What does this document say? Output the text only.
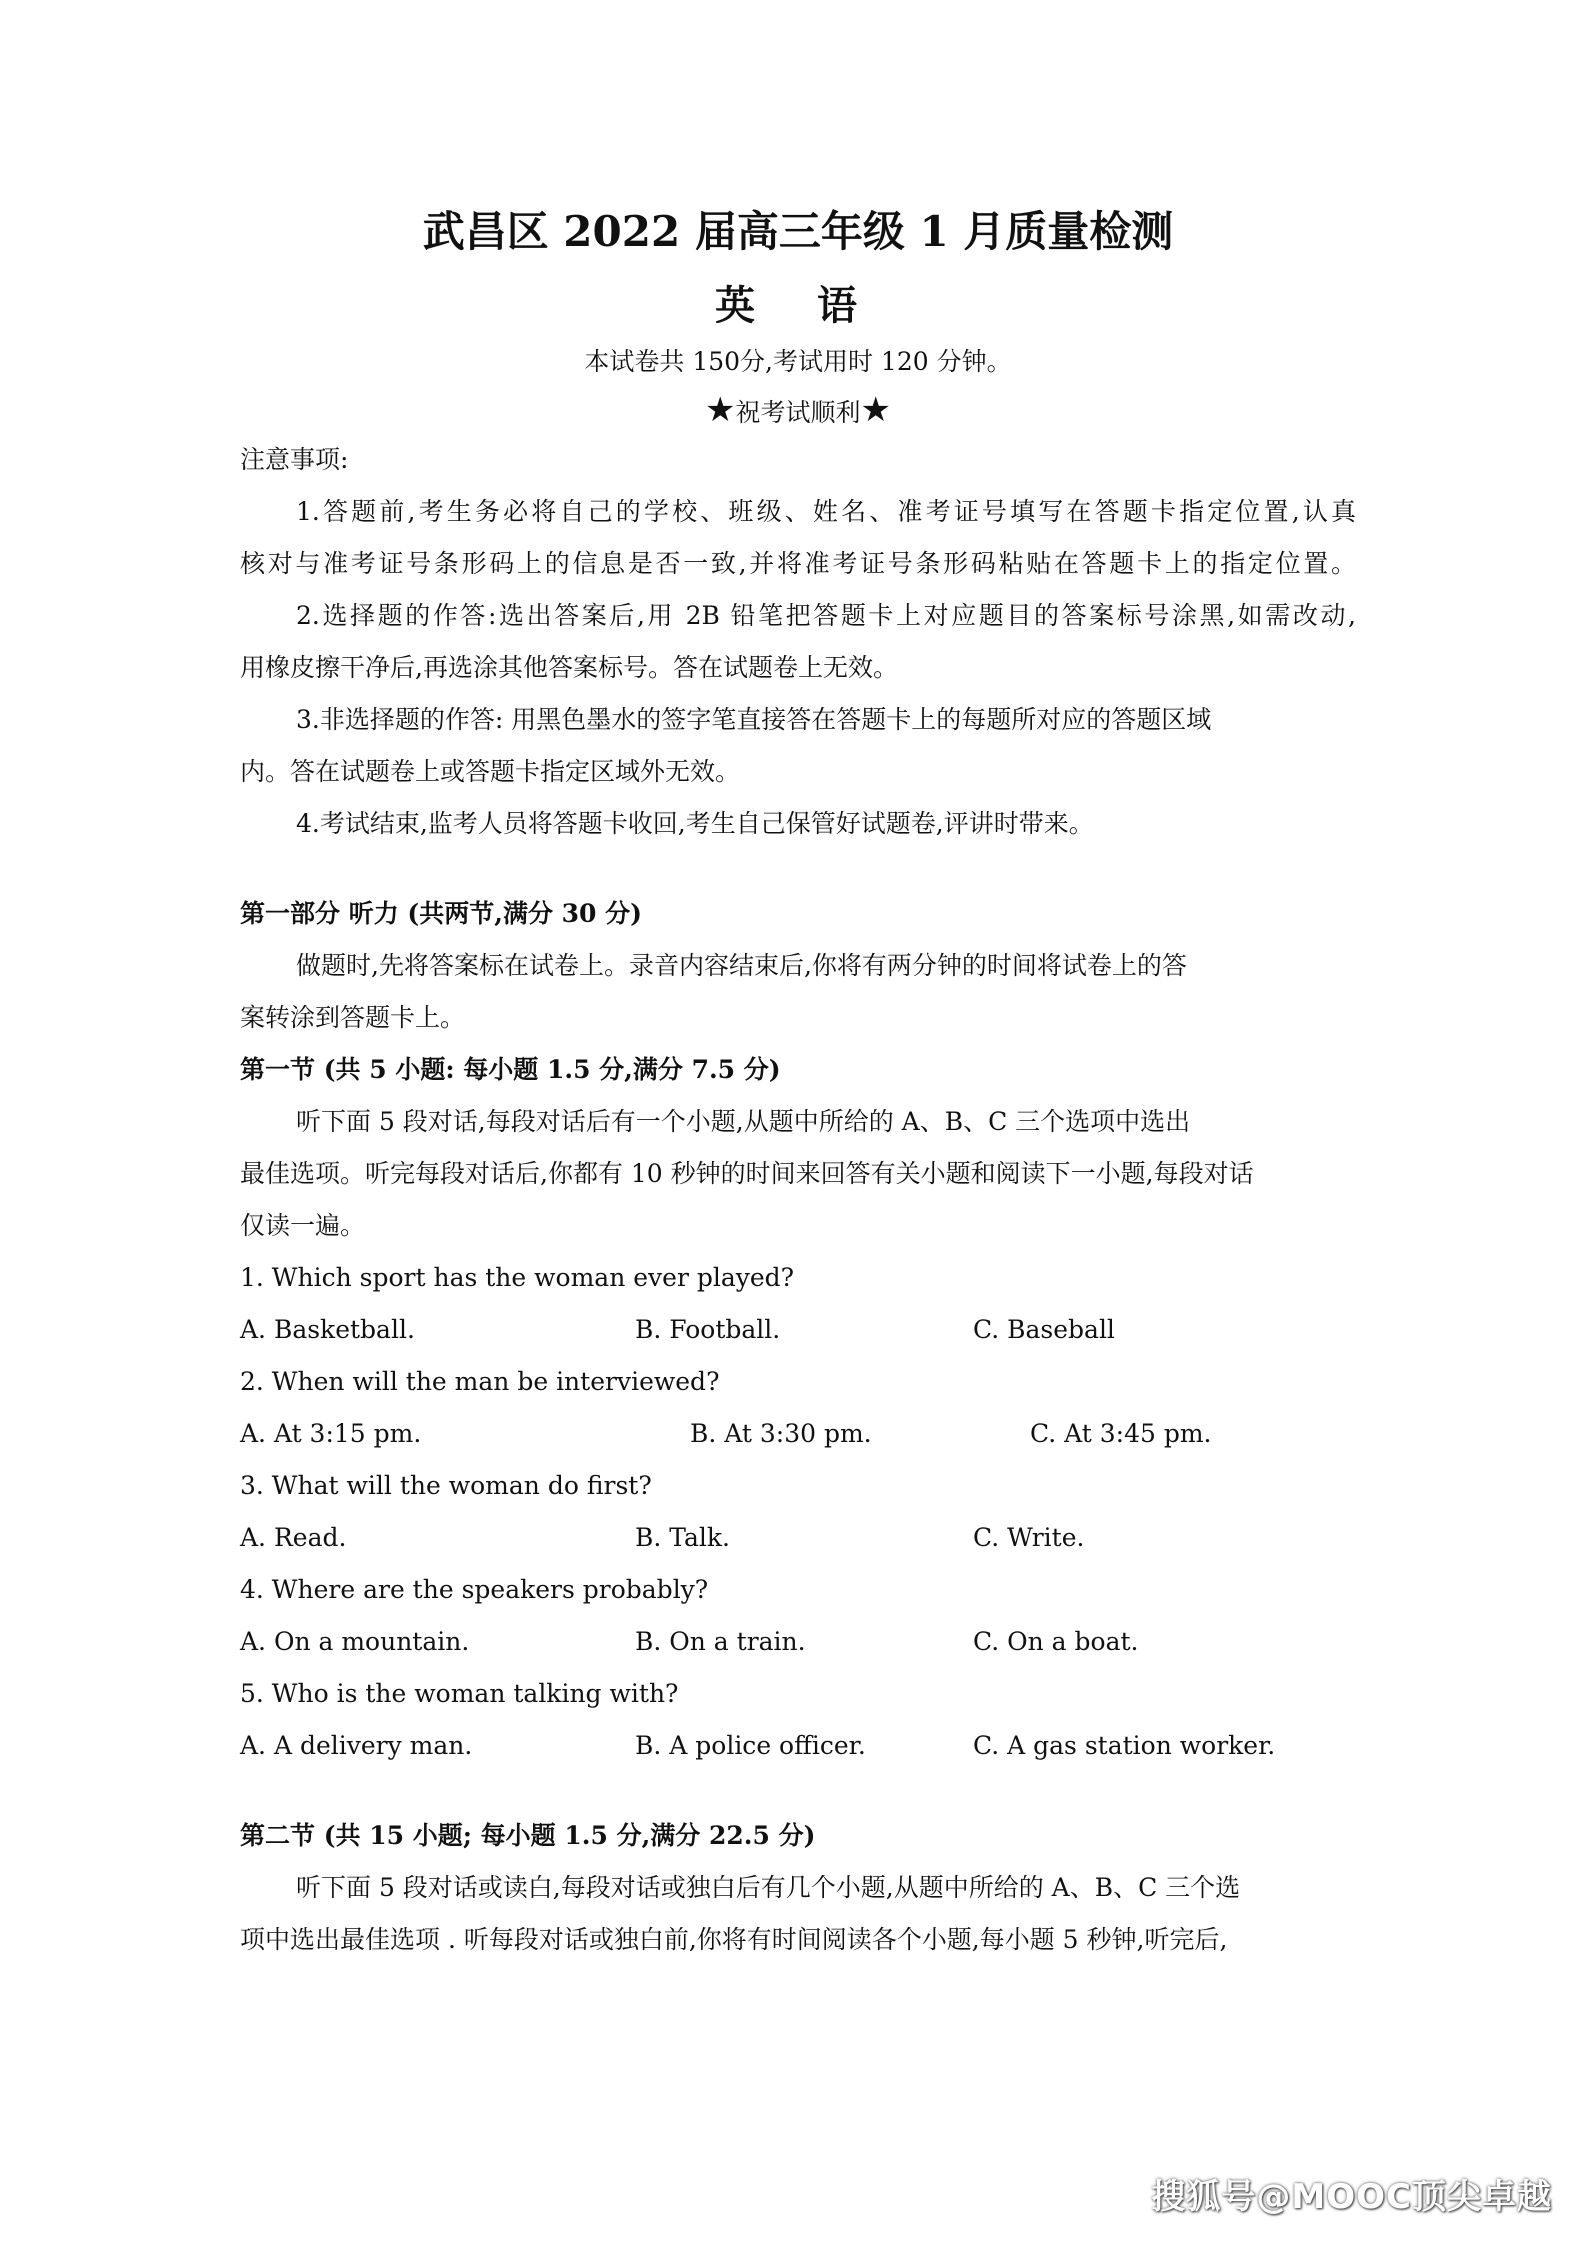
武昌区 2022 届高三年级 1 月质量检测
英 语
本试卷共 150分,考试用时 120 分钟。
★祝考试顺利★
注意事项:
1.答题前,考生务必将自己的学校、班级、姓名、准考证号填写在答题卡指定位置,认真
核对与准考证号条形码上的信息是否一致,并将准考证号条形码粘贴在答题卡上的指定位置。
2.选择题的作答:选出答案后,用 2B 铅笔把答题卡上对应题目的答案标号涂黑,如需改动,
用橡皮擦干净后,再选涂其他答案标号。答在试题卷上无效。
3.非选择题的作答: 用黑色墨水的签字笔直接答在答题卡上的每题所对应的答题区域
内。答在试题卷上或答题卡指定区域外无效。
4.考试结束,监考人员将答题卡收回,考生自己保管好试题卷,评讲时带来。
第一部分 听力 (共两节,满分 30 分)
做题时,先将答案标在试卷上。录音内容结束后,你将有两分钟的时间将试卷上的答
案转涂到答题卡上。
第一节 (共 5 小题: 每小题 1.5 分,满分 7.5 分)
听下面 5 段对话,每段对话后有一个小题,从题中所给的 A、B、C 三个选项中选出
最佳选项。听完每段对话后,你都有 10 秒钟的时间来回答有关小题和阅读下一小题,每段对话
仅读一遍。
1. Which sport has the woman ever played?
A. Basketball.	B. Football.	C. Baseball
2. When will the man be interviewed?
A. At 3:15 pm.	B. At 3:30 pm.	C. At 3:45 pm.
3. What will the woman do first?
A. Read.	B. Talk.	C. Write.
4. Where are the speakers probably?
A. On a mountain.	B. On a train.	C. On a boat.
5. Who is the woman talking with?
A. A delivery man.	B. A police officer.	C. A gas station worker.
第二节 (共 15 小题; 每小题 1.5 分,满分 22.5 分)
听下面 5 段对话或读白,每段对话或独白后有几个小题,从题中所给的 A、B、C 三个选
项中选出最佳选项 . 听每段对话或独白前,你将有时间阅读各个小题,每小题 5 秒钟,听完后,
搜狐号@MOOC顶尖卓越
